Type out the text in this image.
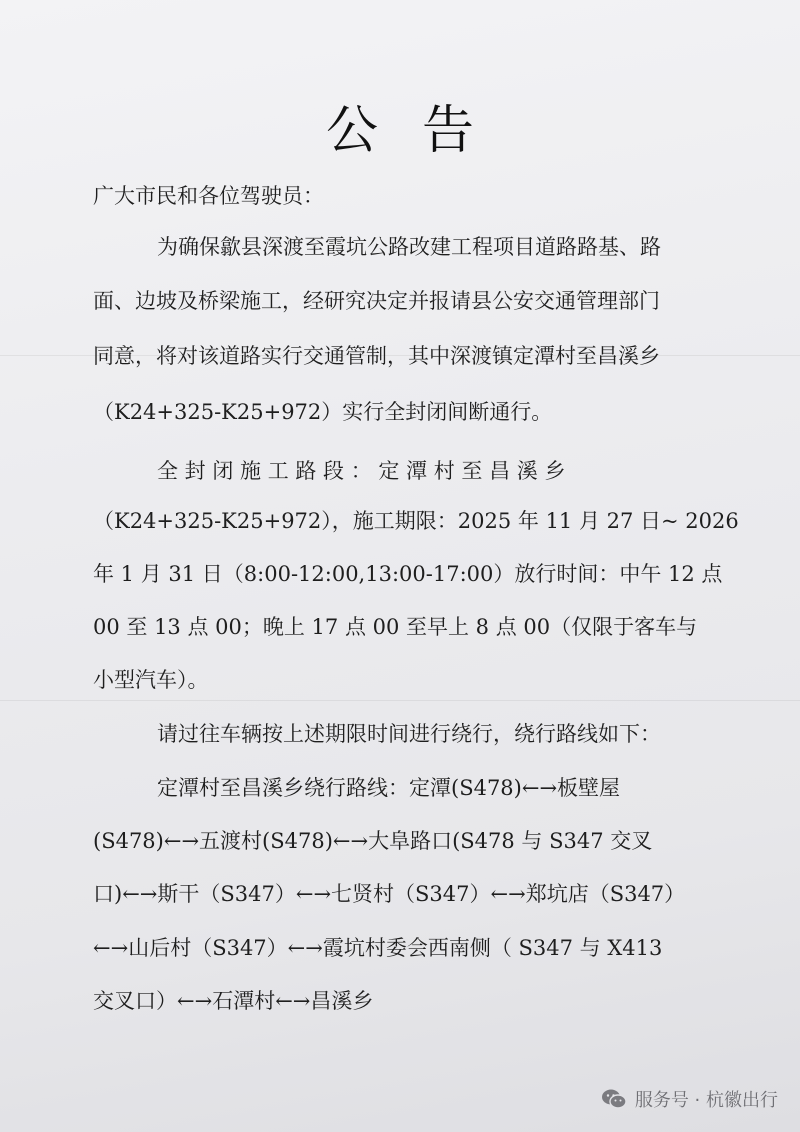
公告
广大市民和各位驾驶员：
为确保歙县深渡至霞坑公路改建工程项目道路路基、路
面、边坡及桥梁施工，经研究决定并报请县公安交通管理部门
同意，将对该道路实行交通管制，其中深渡镇定潭村至昌溪乡
（K24+325-K25+972）实行全封闭间断通行。
全 封 闭 施 工 路 段 ： 定 潭 村 至 昌 溪 乡
（K24+325-K25+972），施工期限：2025 年 11 月 27 日~ 2026
年 1 月 31 日（8:00-12:00,13:00-17:00）放行时间：中午 12 点
00 至 13 点 00；晚上 17 点 00 至早上 8 点 00（仅限于客车与
小型汽车）。
请过往车辆按上述期限时间进行绕行，绕行路线如下：
定潭村至昌溪乡绕行路线：定潭(S478)←→板壁屋
(S478)←→五渡村(S478)←→大阜路口(S478 与 S347 交叉
口)←→斯干（S347）←→七贤村（S347）←→郑坑店（S347）
←→山后村（S347）←→霞坑村委会西南侧（ S347 与 X413
交叉口）←→石潭村←→昌溪乡
服务号 · 杭徽出行
